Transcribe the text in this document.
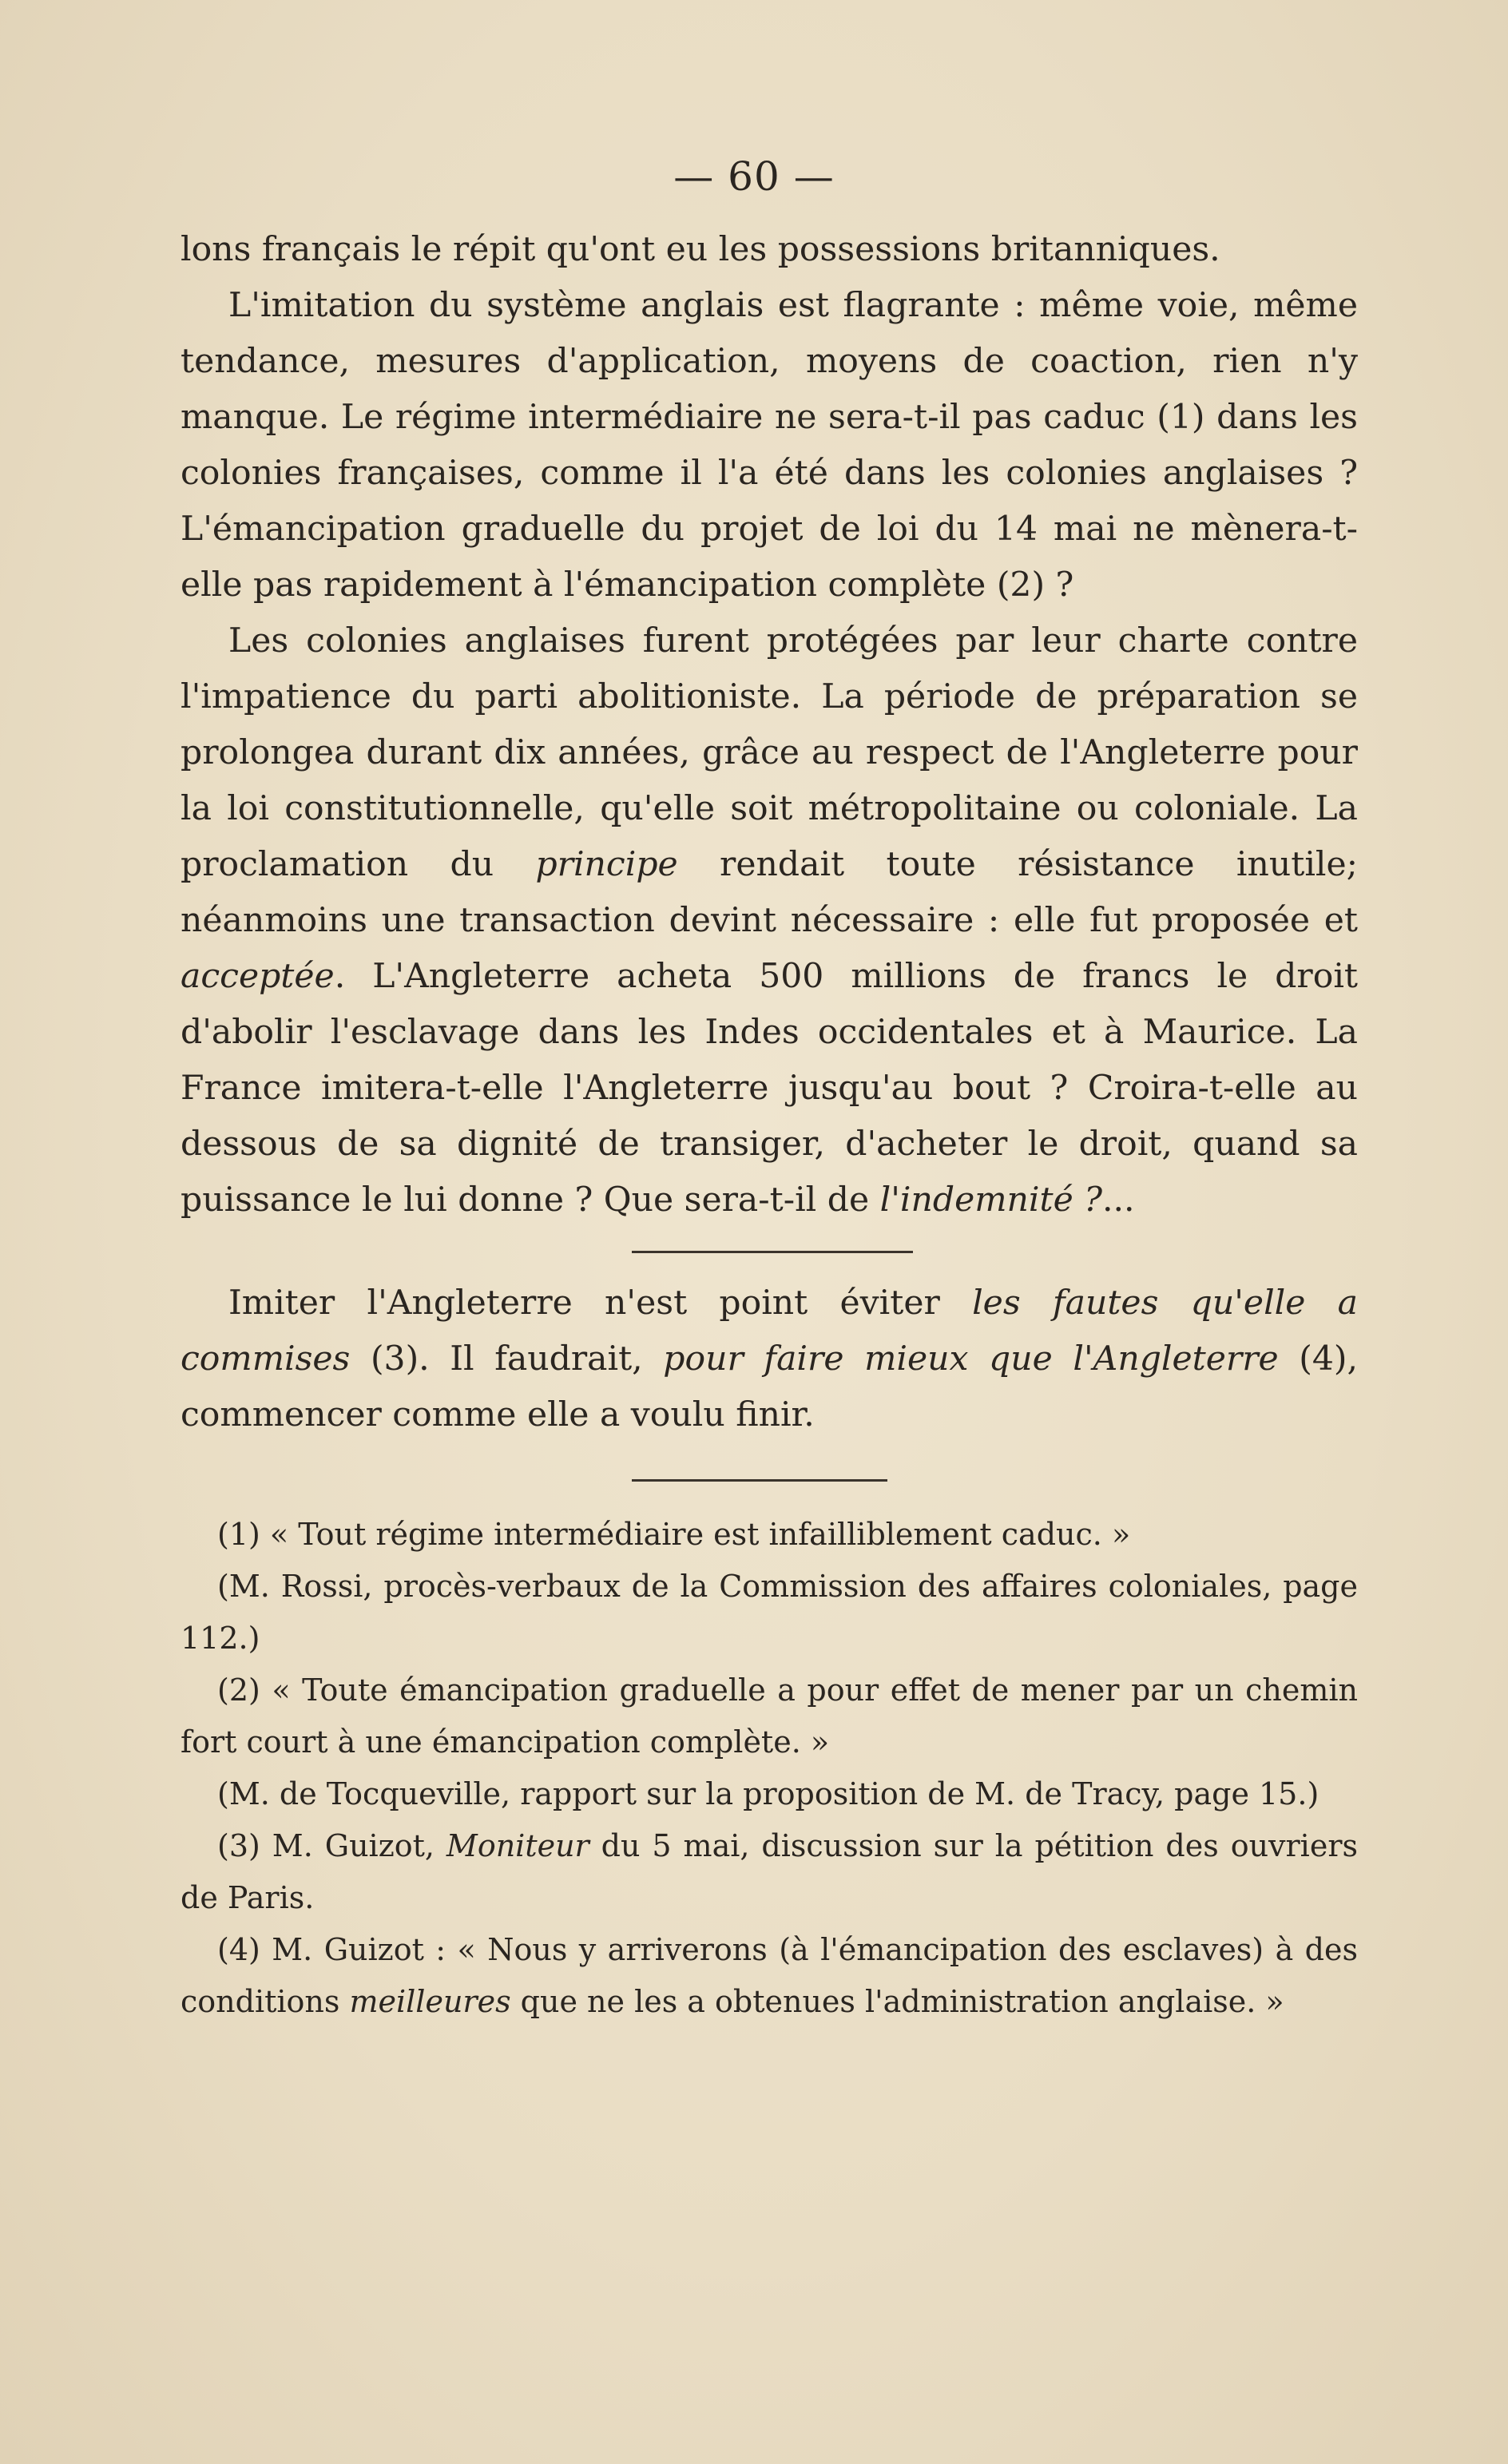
— 60 —

lons français le répit qu'ont eu les possessions britanniques.

L'imitation du système anglais est flagrante : même voie, même tendance, mesures d'application, moyens de coaction, rien n'y manque. Le régime intermédiaire ne sera-t-il pas caduc (1) dans les colonies françaises, comme il l'a été dans les colonies anglaises ? L'émancipation graduelle du projet de loi du 14 mai ne mènera-t-elle pas rapidement à l'émancipation complète (2) ?

Les colonies anglaises furent protégées par leur charte contre l'impatience du parti abolitioniste. La période de préparation se prolongea durant dix années, grâce au respect de l'Angleterre pour la loi constitutionnelle, qu'elle soit métropolitaine ou coloniale. La proclamation du principe rendait toute résistance inutile; néanmoins une transaction devint nécessaire : elle fut proposée et acceptée. L'Angleterre acheta 500 millions de francs le droit d'abolir l'esclavage dans les Indes occidentales et à Maurice. La France imitera-t-elle l'Angleterre jusqu'au bout ? Croira-t-elle au dessous de sa dignité de transiger, d'acheter le droit, quand sa puissance le lui donne ? Que sera-t-il de l'indemnité ?...

Imiter l'Angleterre n'est point éviter les fautes qu'elle a commises (3). Il faudrait, pour faire mieux que l'Angleterre (4), commencer comme elle a voulu finir.

(1) « Tout régime intermédiaire est infailliblement caduc. »

(M. Rossi, procès-verbaux de la Commission des affaires coloniales, page 112.)

(2) « Toute émancipation graduelle a pour effet de mener par un chemin fort court à une émancipation complète. »

(M. de Tocqueville, rapport sur la proposition de M. de Tracy, page 15.)

(3) M. Guizot, Moniteur du 5 mai, discussion sur la pétition des ouvriers de Paris.

(4) M. Guizot : « Nous y arriverons (à l'émancipation des esclaves) à des conditions meilleures que ne les a obtenues l'administration anglaise. »
